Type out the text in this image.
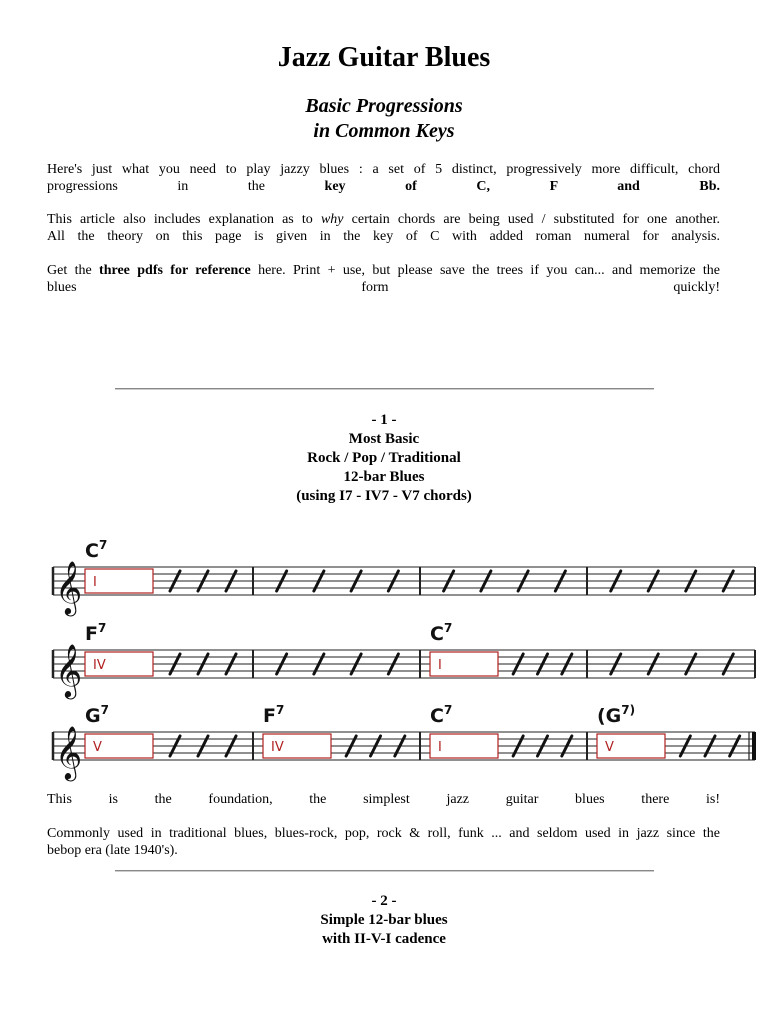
Jazz Guitar Blues
Basic Progressions
in Common Keys

Here's just what you need to play jazzy blues : a set of 5 distinct, progressively more difficult, chord

progressions in the	key of C, F and Bb.

This article also includes explanation as to why certain chords are being used / substituted for one another.

All the theory on this page is given in the key of C with added roman numeral for analysis.

Get the three pdfs for reference here. Print + use, but please save the trees if you can... and memorize the

blues form quickly!

- 1 -
Most Basic
Rock / Pop / Traditional
12-bar Blues
(using I7 - IV7 - V7 chords)
𝄞
$C^7$
I
𝄞
$F^7$
IV
$C^7$
I
𝄞
$G^7$
V
$F^7$
IV
$C^7$
I
($G^{7)}$
V

This is the foundation, the simplest jazz guitar blues there is!

Commonly used in traditional blues, blues-rock, pop, rock & roll, funk ... and seldom used in jazz since the

bebop era (late 1940's).

- 2 -
Simple 12-bar blues
with II-V-I cadence
